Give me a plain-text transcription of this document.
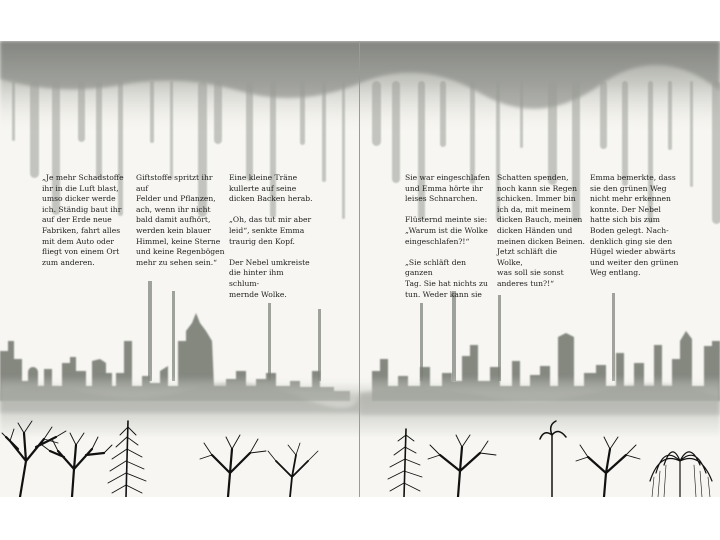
„Je mehr Schadstoffe
ihr in die Luft blast,
umso dicker werde
ich. Ständig baut ihr
auf der Erde neue
Fabriken, fahrt alles
mit dem Auto oder
fliegt von einem Ort
zum anderen.

Giftstoffe spritzt ihr auf
Felder und Pflanzen,
ach, wenn ihr nicht
bald damit aufhört,
werden kein blauer
Himmel, keine Sterne
und keine Regenbögen
mehr zu sehen sein.“

Eine kleine Träne
kullerte auf seine
dicken Backen herab.

„Oh, das tut mir aber
leid“, senkte Emma
traurig den Kopf.

Der Nebel umkreiste
die hinter ihm schlum-
mernde Wolke.

Sie war eingeschlafen
und Emma hörte ihr
leises Schnarchen.

Flüsternd meinte sie:
„Warum ist die Wolke
eingeschlafen?!“

„Sie schläft den ganzen
Tag. Sie hat nichts zu
tun. Weder kann sie

Schatten spenden,
noch kann sie Regen
schicken. Immer bin
ich da, mit meinem
dicken Bauch, meinen
dicken Händen und
meinen dicken Beinen.
Jetzt schläft die Wolke,
was soll sie sonst
anderes tun?!“

Emma bemerkte, dass
sie den grünen Weg
nicht mehr erkennen
konnte. Der Nebel
hatte sich bis zum
Boden gelegt. Nach-
denklich ging sie den
Hügel wieder abwärts
und weiter den grünen
Weg entlang.
